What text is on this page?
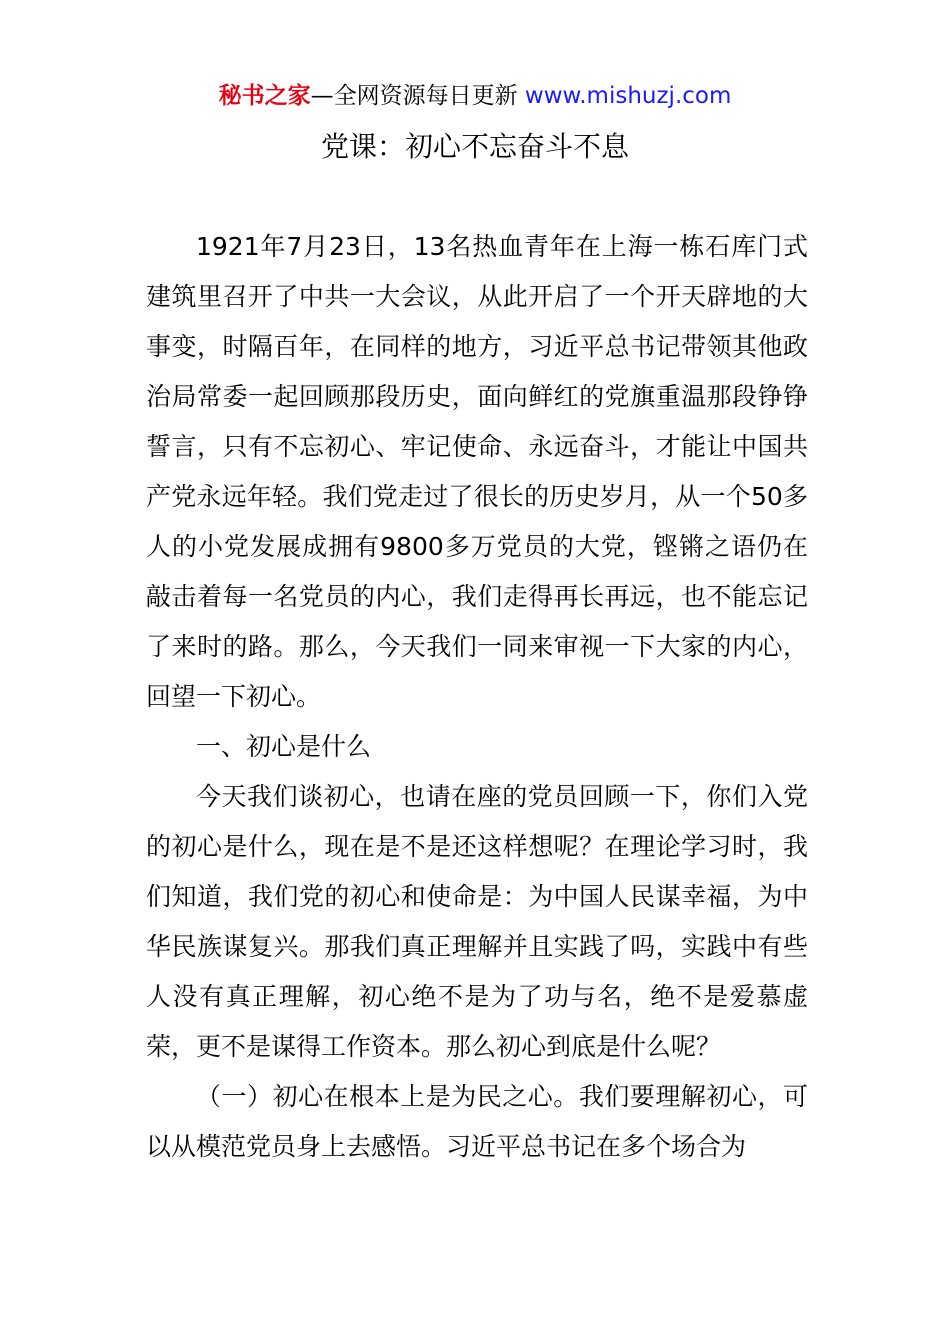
秘书之家—全网资源每日更新 www.mishuzj.com
党课：初心不忘奋斗不息

1921年7月23日，13名热血青年在上海一栋石库门式建筑里召开了中共一大会议，从此开启了一个开天辟地的大事变，时隔百年，在同样的地方，习近平总书记带领其他政治局常委一起回顾那段历史，面向鲜红的党旗重温那段铮铮誓言，只有不忘初心、牢记使命、永远奋斗，才能让中国共产党永远年轻。我们党走过了很长的历史岁月，从一个50多人的小党发展成拥有9800多万党员的大党，铿锵之语仍在敲击着每一名党员的内心，我们走得再长再远，也不能忘记了来时的路。那么，今天我们一同来审视一下大家的内心，回望一下初心。

一、初心是什么

今天我们谈初心，也请在座的党员回顾一下，你们入党的初心是什么，现在是不是还这样想呢？在理论学习时，我们知道，我们党的初心和使命是：为中国人民谋幸福，为中华民族谋复兴。那我们真正理解并且实践了吗，实践中有些人没有真正理解，初心绝不是为了功与名，绝不是爱慕虚荣，更不是谋得工作资本。那么初心到底是什么呢？

（一）初心在根本上是为民之心。我们要理解初心，可以从模范党员身上去感悟。习近平总书记在多个场合为
